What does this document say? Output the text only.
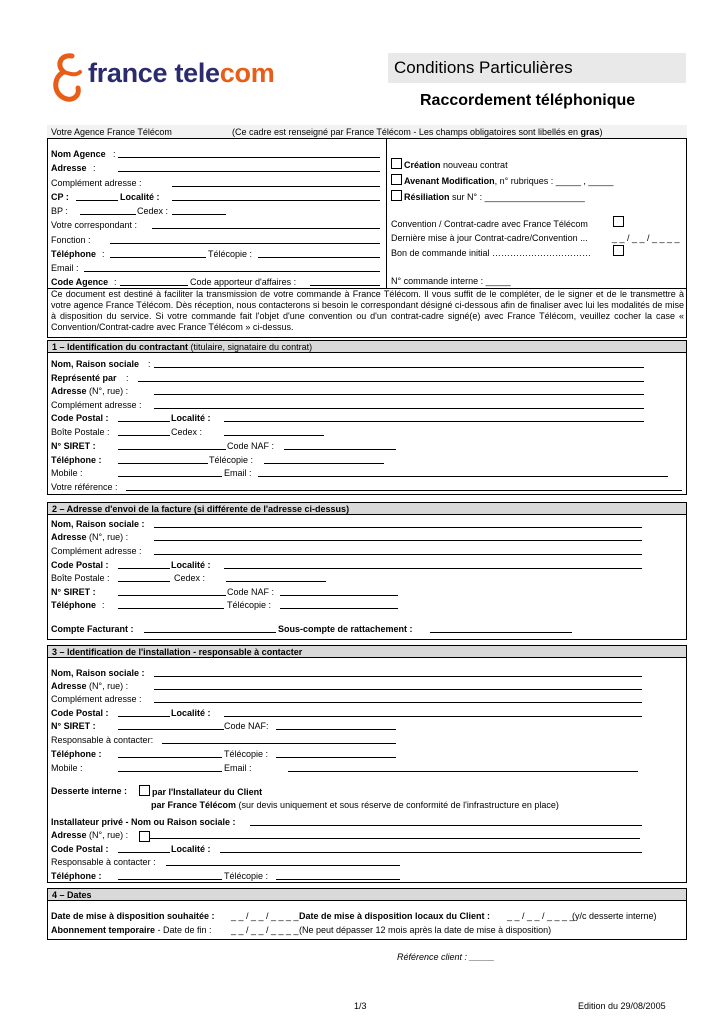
france telecom	Conditions Particulières
Raccordement téléphonique
Votre Agence France Télécom	(Ce cadre est renseigné par France Télécom - Les champs obligatoires sont libellés en gras)
Nom Agence :
Adresse :
Complément adresse :
CP :	Localité :
BP :	Cedex :
Votre correspondant :
Fonction :
Téléphone :	Télécopie :
Email :
Code Agence :	Code apporteur d'affaires :
Création nouveau contrat
Avenant Modification, n° rubriques : _____ , _____
Résiliation sur N° : ____________________
Convention / Contrat-cadre avec France Télécom
Dernière mise à jour Contrat-cadre/Convention ...	_ _ / _ _ / _ _ _ _
Bon de commande initial ……………………………
N° commande interne : _____
Ce document est destiné à faciliter la transmission de votre commande à France Télécom. Il vous suffit de le compléter, de le signer et de le transmettre à votre agence France Télécom. Dès réception, nous contacterons si besoin le correspondant désigné ci-dessous afin de finaliser avec lui les modalités de mise à disposition du service. Si votre commande fait l'objet d'une convention ou d'un contrat-cadre signé(e) avec France Télécom, veuillez cocher la case « Convention/Contrat-cadre avec France Télécom » ci-dessus.
1 – Identification du contractant (titulaire, signataire du contrat)
Nom, Raison sociale :
Représenté par :
Adresse (N°, rue) :
Complément adresse :
Code Postal :	Localité :
Boîte Postale :	Cedex :
N° SIRET :	Code NAF :
Téléphone :	Télécopie :
Mobile :	Email :
Votre référence :
2 – Adresse d'envoi de la facture (si différente de l'adresse ci-dessus)
Nom, Raison sociale :
Adresse (N°, rue) :
Complément adresse :
Code Postal :	Localité :
Boîte Postale :	Cedex :
N° SIRET :	Code NAF :
Téléphone :	Télécopie :
Compte Facturant :	Sous-compte de rattachement :
3 – Identification de l'installation - responsable à contacter
Nom, Raison sociale :
Adresse (N°, rue) :
Complément adresse :
Code Postal :	Localité :
N° SIRET :	Code NAF:
Responsable à contacter:
Téléphone :	Télécopie :
Mobile :	Email :
Desserte interne :	par l'Installateur du Client
par France Télécom (sur devis uniquement et sous réserve de conformité de l'infrastructure en place)
Installateur privé - Nom ou Raison sociale :
Adresse (N°, rue) :
Code Postal :	Localité :
Responsable à contacter :
Téléphone :	Télécopie :
4 – Dates
Date de mise à disposition souhaitée : _ _ / _ _ / _ _ _ _ Date de mise à disposition locaux du Client : _ _ / _ _ / _ _ _ _
(y/c desserte interne)
Abonnement temporaire - Date de fin : _ _ / _ _ / _ _ _ _ (Ne peut dépasser 12 mois après la date de mise à disposition)
Référence client : _____
1/3	Edition du 29/08/2005
